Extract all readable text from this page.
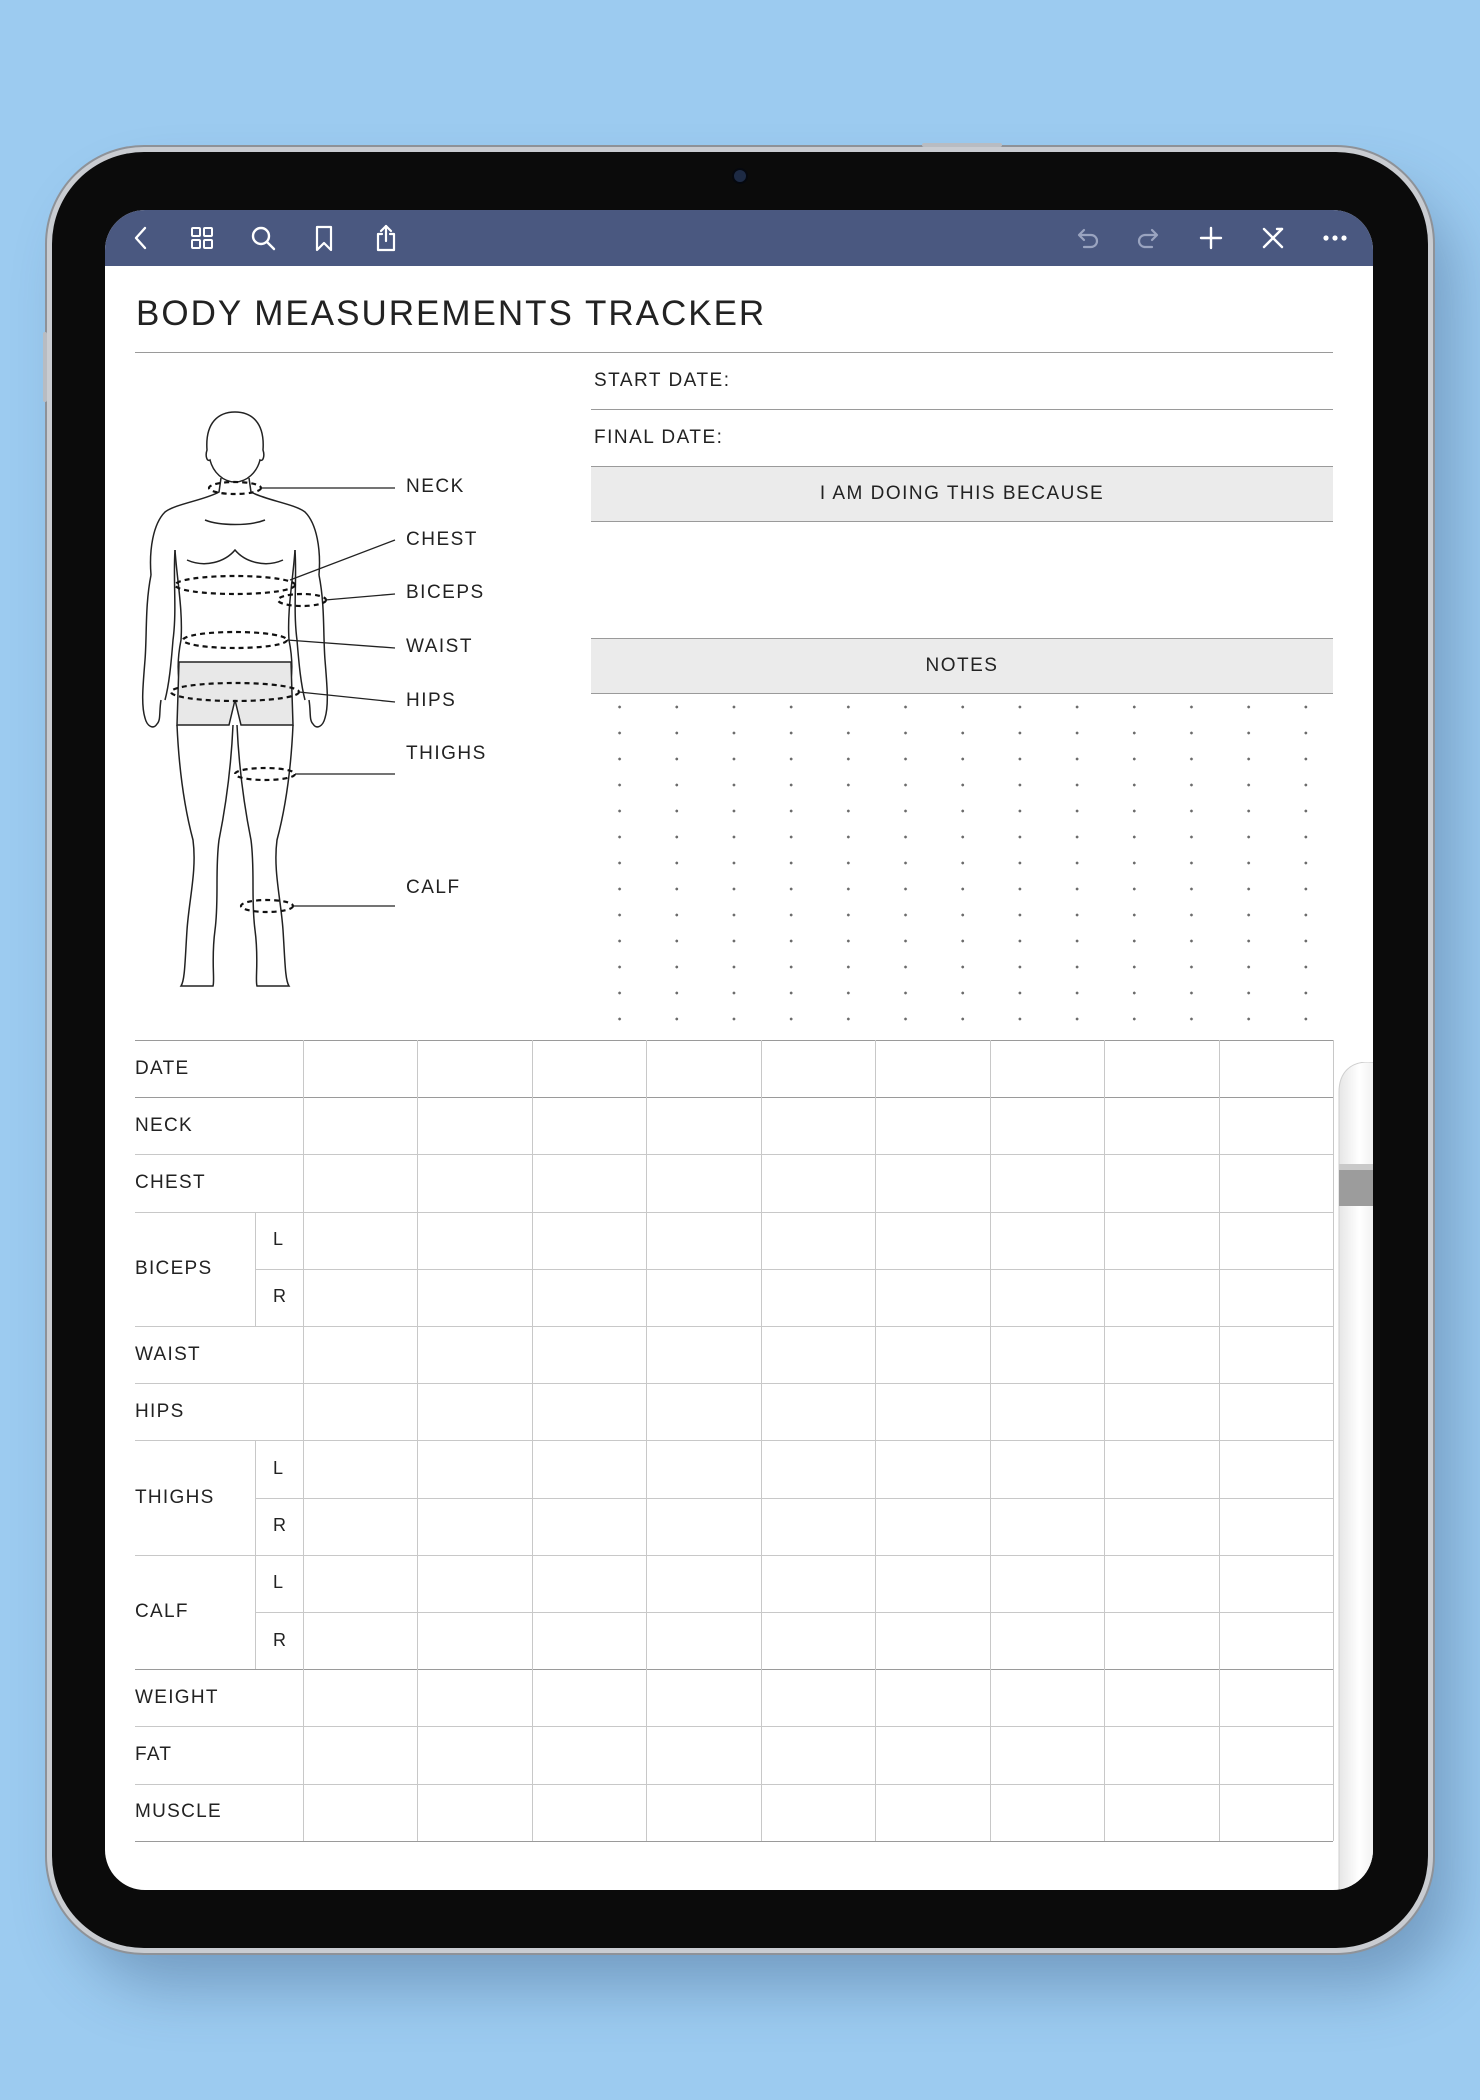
BODY MEASUREMENTS TRACKER
START DATE:
FINAL DATE:
I AM DOING THIS BECAUSE
NOTES
NECK
CHEST
BICEPS
WAIST
HIPS
THIGHS
CALF
DATE
NECK
CHEST
BICEPS
L
R
WAIST
HIPS
THIGHS
L
R
CALF
L
R
WEIGHT
FAT
MUSCLE
